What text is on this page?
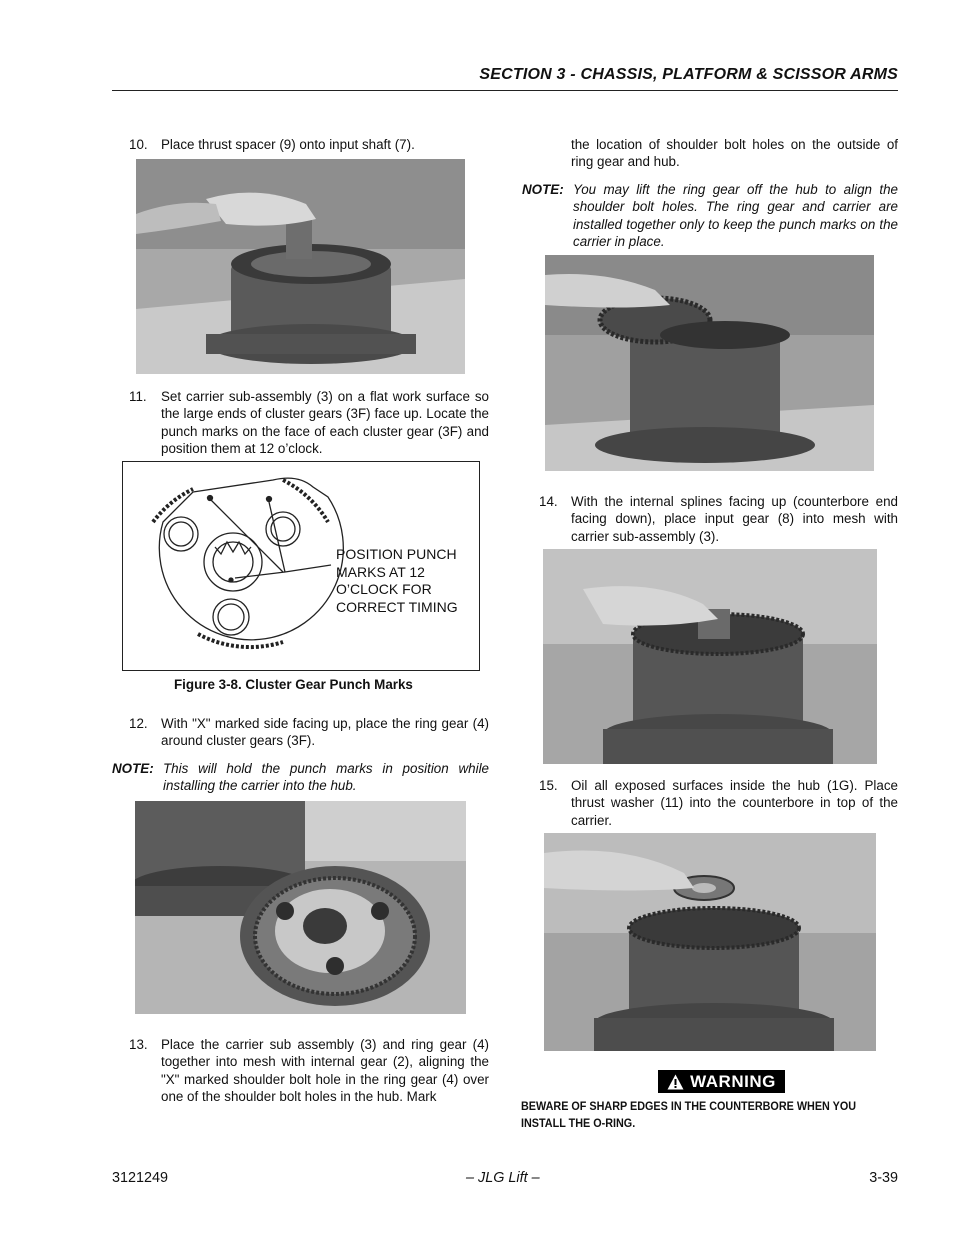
SECTION 3 - CHASSIS, PLATFORM & SCISSOR ARMS
10. Place thrust spacer (9) onto input shaft (7).
11. Set carrier sub-assembly (3) on a flat work surface so the large ends of cluster gears (3F) face up. Locate the punch marks on the face of each cluster gear (3F) and position them at 12 o’clock.
POSITION PUNCH
MARKS AT 12
O’CLOCK FOR
CORRECT TIMING
Figure 3-8. Cluster Gear Punch Marks
12. With "X" marked side facing up, place the ring gear (4) around cluster gears (3F).
NOTE: This will hold the punch marks in position while installing the carrier into the hub.
13. Place the carrier sub assembly (3) and ring gear (4) together into mesh with internal gear (2), aligning the "X" marked shoulder bolt hole in the ring gear (4) over one of the shoulder bolt holes in the hub. Mark
the location of shoulder bolt holes on the outside of ring gear and hub.
NOTE: You may lift the ring gear off the hub to align the shoulder bolt holes. The ring gear and carrier are installed together only to keep the punch marks on the carrier in place.
14. With the internal splines facing up (counterbore end facing down), place input gear (8) into mesh with carrier sub-assembly (3).
15. Oil all exposed surfaces inside the hub (1G). Place thrust washer (11) into the counterbore in top of the carrier.
WARNING
BEWARE OF SHARP EDGES IN THE COUNTERBORE WHEN YOU INSTALL THE O-RING.
3121249	– JLG Lift –	3-39
